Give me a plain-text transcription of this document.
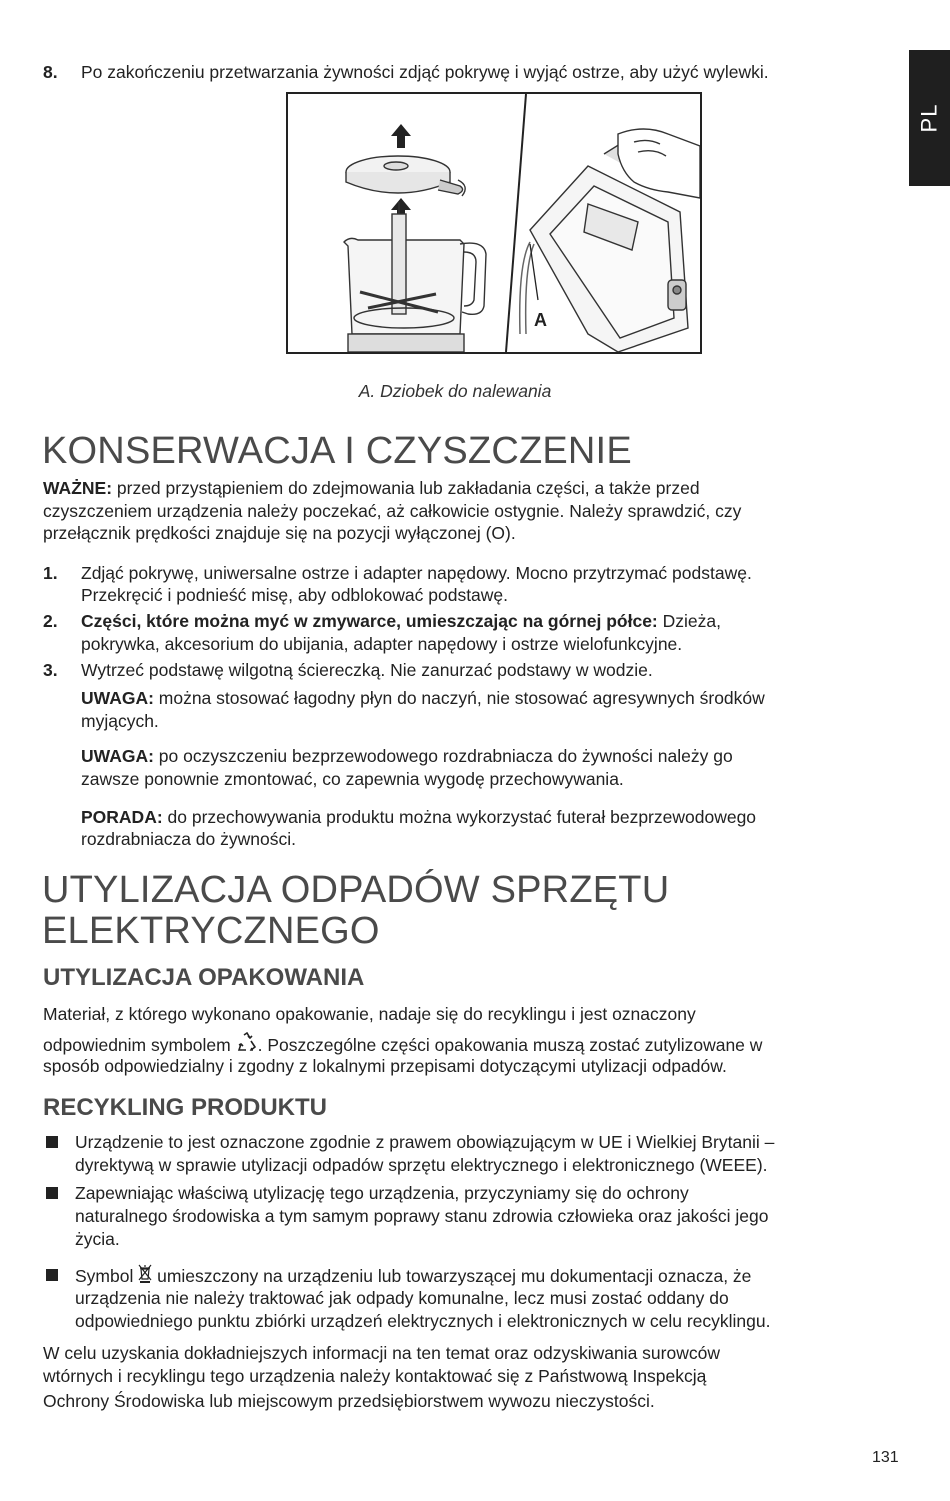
PL
8. Po zakończeniu przetwarzania żywności zdjąć pokrywę i wyjąć ostrze, aby użyć wylewki.
A
A. Dziobek do nalewania
KONSERWACJA I CZYSZCZENIE
WAŻNE: przed przystąpieniem do zdejmowania lub zakładania części, a także przed
czyszczeniem urządzenia należy poczekać, aż całkowicie ostygnie. Należy sprawdzić, czy
przełącznik prędkości znajduje się na pozycji wyłączonej (O).
1. Zdjąć pokrywę, uniwersalne ostrze i adapter napędowy. Mocno przytrzymać podstawę.
Przekręcić i podnieść misę, aby odblokować podstawę.
2. Części, które można myć w zmywarce, umieszczając na górnej półce: Dzieża,
pokrywka, akcesorium do ubijania, adapter napędowy i ostrze wielofunkcyjne.
3. Wytrzeć podstawę wilgotną ściereczką. Nie zanurzać podstawy w wodzie.
UWAGA: można stosować łagodny płyn do naczyń, nie stosować agresywnych środków
myjących.
UWAGA: po oczyszczeniu bezprzewodowego rozdrabniacza do żywności należy go
zawsze ponownie zmontować, co zapewnia wygodę przechowywania.
PORADA: do przechowywania produktu można wykorzystać futerał bezprzewodowego
rozdrabniacza do żywności.
UTYLIZACJA ODPADÓW SPRZĘTU
ELEKTRYCZNEGO
UTYLIZACJA OPAKOWANIA
Materiał, z którego wykonano opakowanie, nadaje się do recyklingu i jest oznaczony
odpowiednim symbolem . Poszczególne części opakowania muszą zostać zutylizowane w
sposób odpowiedzialny i zgodny z lokalnymi przepisami dotyczącymi utylizacji odpadów.
RECYKLING PRODUKTU
Urządzenie to jest oznaczone zgodnie z prawem obowiązującym w UE i Wielkiej Brytanii –
dyrektywą w sprawie utylizacji odpadów sprzętu elektrycznego i elektronicznego (WEEE).
Zapewniając właściwą utylizację tego urządzenia, przyczyniamy się do ochrony
naturalnego środowiska a tym samym poprawy stanu zdrowia człowieka oraz jakości jego
życia.
Symbol  umieszczony na urządzeniu lub towarzyszącej mu dokumentacji oznacza, że
urządzenia nie należy traktować jak odpady komunalne, lecz musi zostać oddany do
odpowiedniego punktu zbiórki urządzeń elektrycznych i elektronicznych w celu recyklingu.
W celu uzyskania dokładniejszych informacji na ten temat oraz odzyskiwania surowców
wtórnych i recyklingu tego urządzenia należy kontaktować się z Państwową Inspekcją
Ochrony Środowiska lub miejscowym przedsiębiorstwem wywozu nieczystości.
131
